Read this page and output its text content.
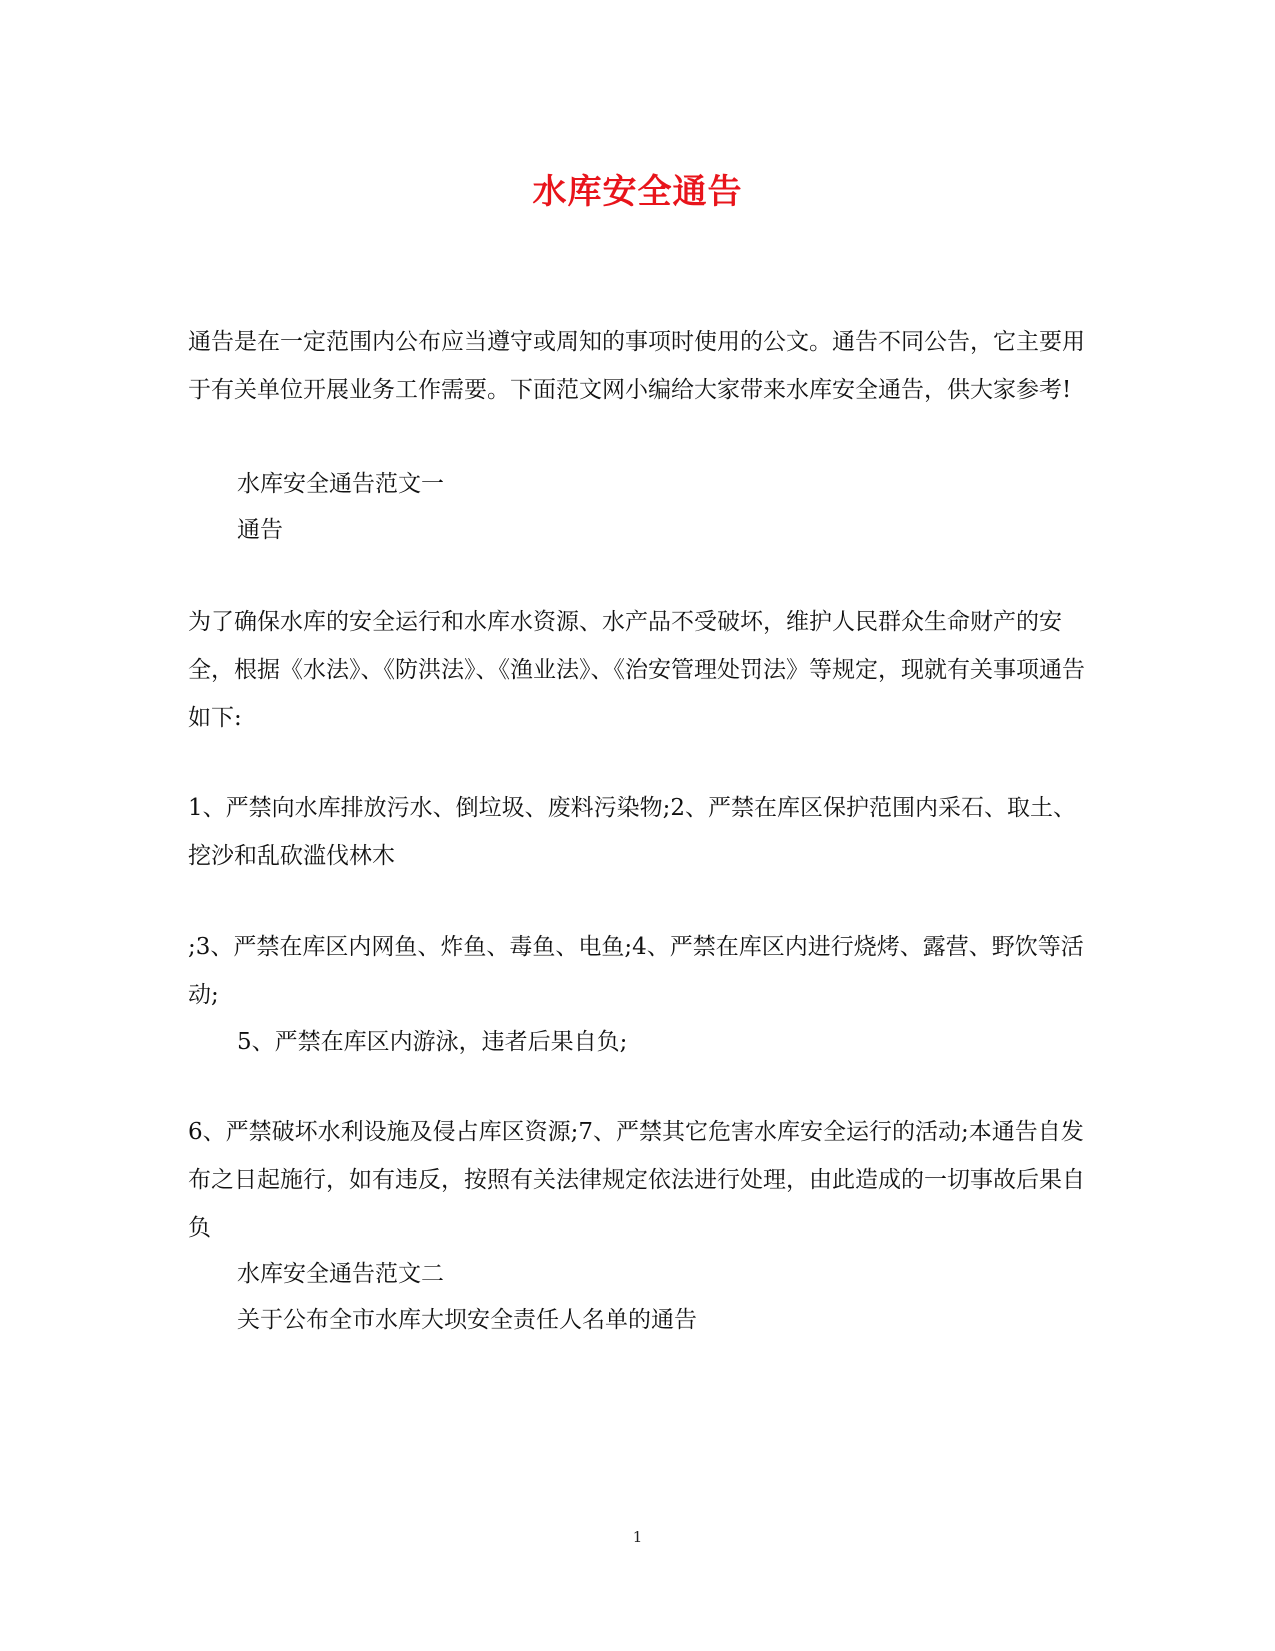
水库安全通告

通告是在一定范围内公布应当遵守或周知的事项时使用的公文。通告不同公告，它主要用于有关单位开展业务工作需要。下面范文网小编给大家带来水库安全通告，供大家参考!

水库安全通告范文一

通告

为了确保水库的安全运行和水库水资源、水产品不受破坏，维护人民群众生命财产的安全，根据《水法》、《防洪法》、《渔业法》、《治安管理处罚法》等规定，现就有关事项通告如下:

1、严禁向水库排放污水、倒垃圾、废料污染物;2、严禁在库区保护范围内采石、取土、挖沙和乱砍滥伐林木

;3、严禁在库区内网鱼、炸鱼、毒鱼、电鱼;4、严禁在库区内进行烧烤、露营、野饮等活动;

5、严禁在库区内游泳，违者后果自负;

6、严禁破坏水利设施及侵占库区资源;7、严禁其它危害水库安全运行的活动;本通告自发布之日起施行，如有违反，按照有关法律规定依法进行处理，由此造成的一切事故后果自负

水库安全通告范文二

关于公布全市水库大坝安全责任人名单的通告

1
